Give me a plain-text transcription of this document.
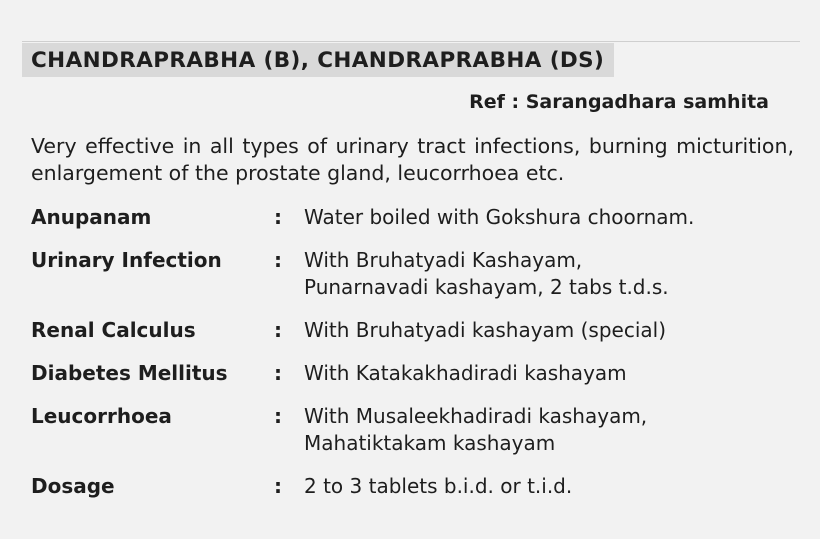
CHANDRAPRABHA (B), CHANDRAPRABHA (DS)
Ref : Sarangadhara samhita
Very effective in all types of urinary tract infections, burning micturition, enlargement of the prostate gland, leucorrhoea etc.
Anupanam	: Water boiled with Gokshura choornam.
Urinary Infection	: With Bruhatyadi Kashayam,
Punarnavadi kashayam, 2 tabs t.d.s.
Renal Calculus	: With Bruhatyadi kashayam (special)
Diabetes Mellitus : With Katakakhadiradi kashayam
Leucorrhoea	: With Musaleekhadiradi kashayam,
Mahatiktakam kashayam
Dosage	: 2 to 3 tablets b.i.d. or t.i.d.
